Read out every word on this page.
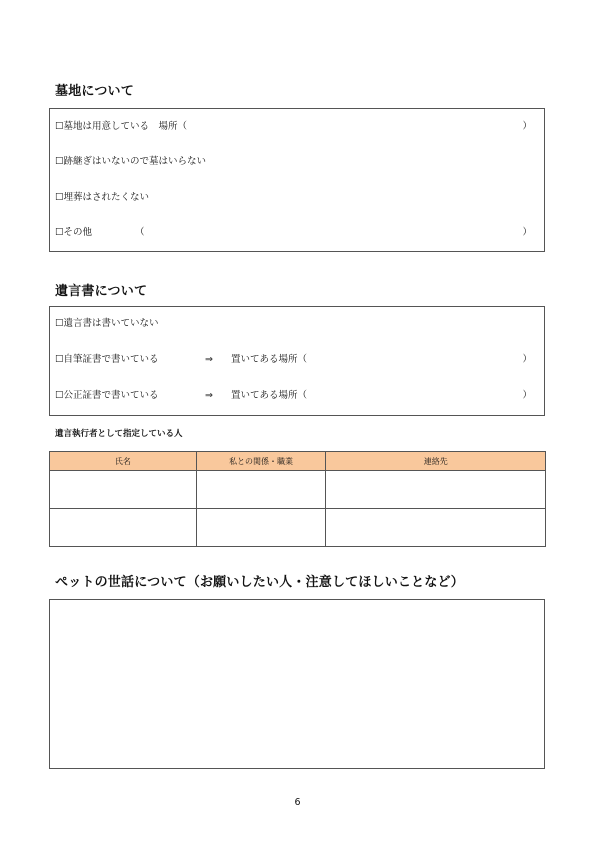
墓地について
☐墓地は用意している　場所（	）
☐跡継ぎはいないので墓はいらない
☐埋葬はされたくない
☐その他	（	）
遺言書について
☐遺言書は書いていない
☐自筆証書で書いている	⇒ 置いてある場所（	）
☐公正証書で書いている	⇒ 置いてある場所（	）
遺言執行者として指定している人
氏名	私との関係・職業	連絡先

ペットの世話について（お願いしたい人・注意してほしいことなど）
6
